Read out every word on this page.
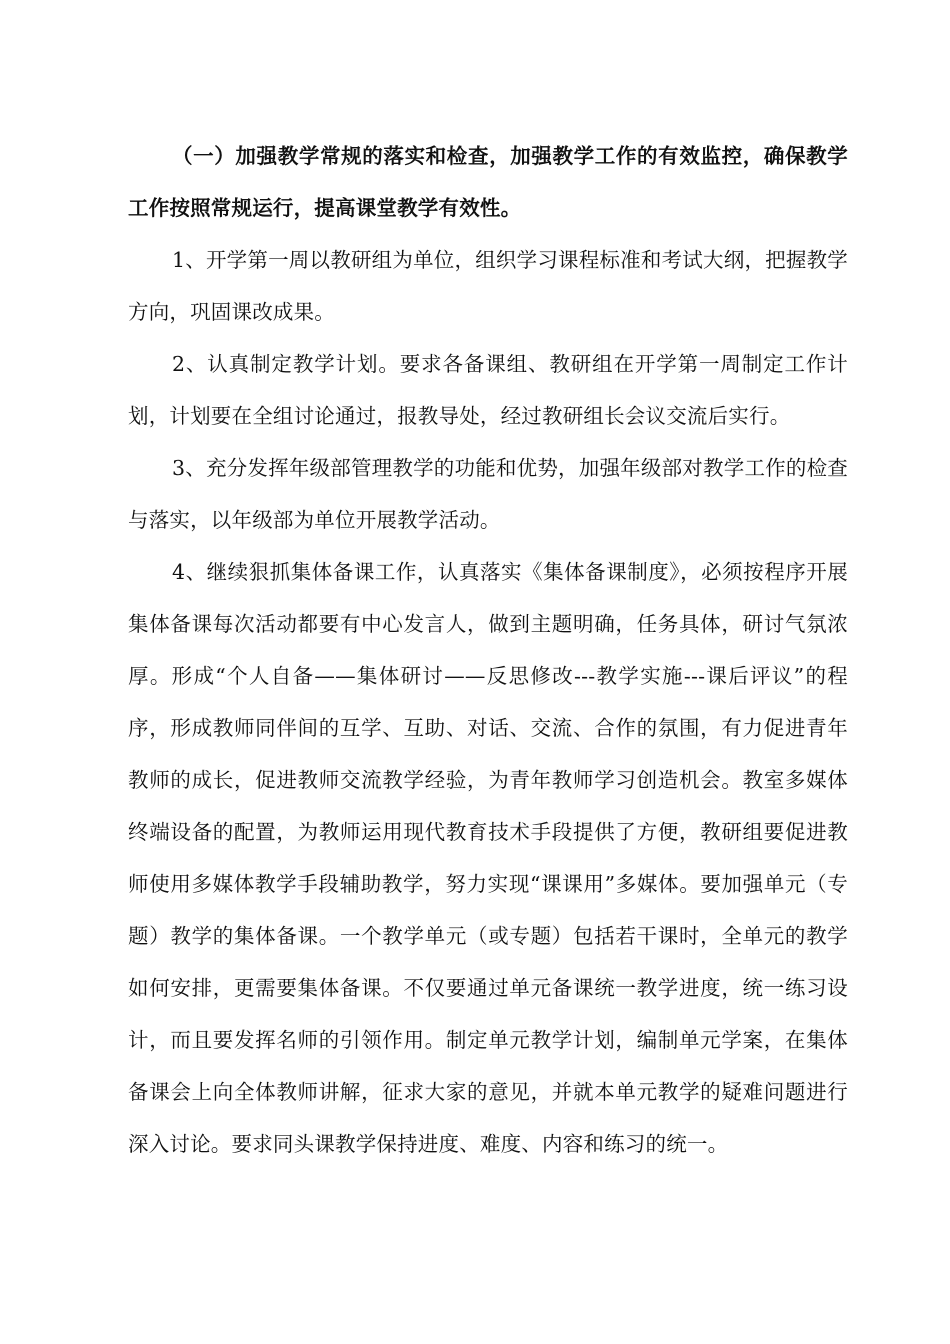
（一）加强教学常规的落实和检查，加强教学工作的有效监控，确保教学工作按照常规运行，提高课堂教学有效性。

1、开学第一周以教研组为单位，组织学习课程标准和考试大纲，把握教学方向，巩固课改成果。

2、认真制定教学计划。要求各备课组、教研组在开学第一周制定工作计划，计划要在全组讨论通过，报教导处，经过教研组长会议交流后实行。

3、充分发挥年级部管理教学的功能和优势，加强年级部对教学工作的检查与落实，以年级部为单位开展教学活动。

4、继续狠抓集体备课工作，认真落实《集体备课制度》，必须按程序开展集体备课每次活动都要有中心发言人，做到主题明确，任务具体，研讨气氛浓厚。形成“个人自备——集体研讨——反思修改---教学实施---课后评议”的程序，形成教师同伴间的互学、互助、对话、交流、合作的氛围，有力促进青年教师的成长，促进教师交流教学经验，为青年教师学习创造机会。教室多媒体终端设备的配置，为教师运用现代教育技术手段提供了方便，教研组要促进教师使用多媒体教学手段辅助教学，努力实现“课课用”多媒体。要加强单元（专题）教学的集体备课。一个教学单元（或专题）包括若干课时，全单元的教学如何安排，更需要集体备课。不仅要通过单元备课统一教学进度，统一练习设计，而且要发挥名师的引领作用。制定单元教学计划，编制单元学案，在集体备课会上向全体教师讲解，征求大家的意见，并就本单元教学的疑难问题进行深入讨论。要求同头课教学保持进度、难度、内容和练习的统一。
